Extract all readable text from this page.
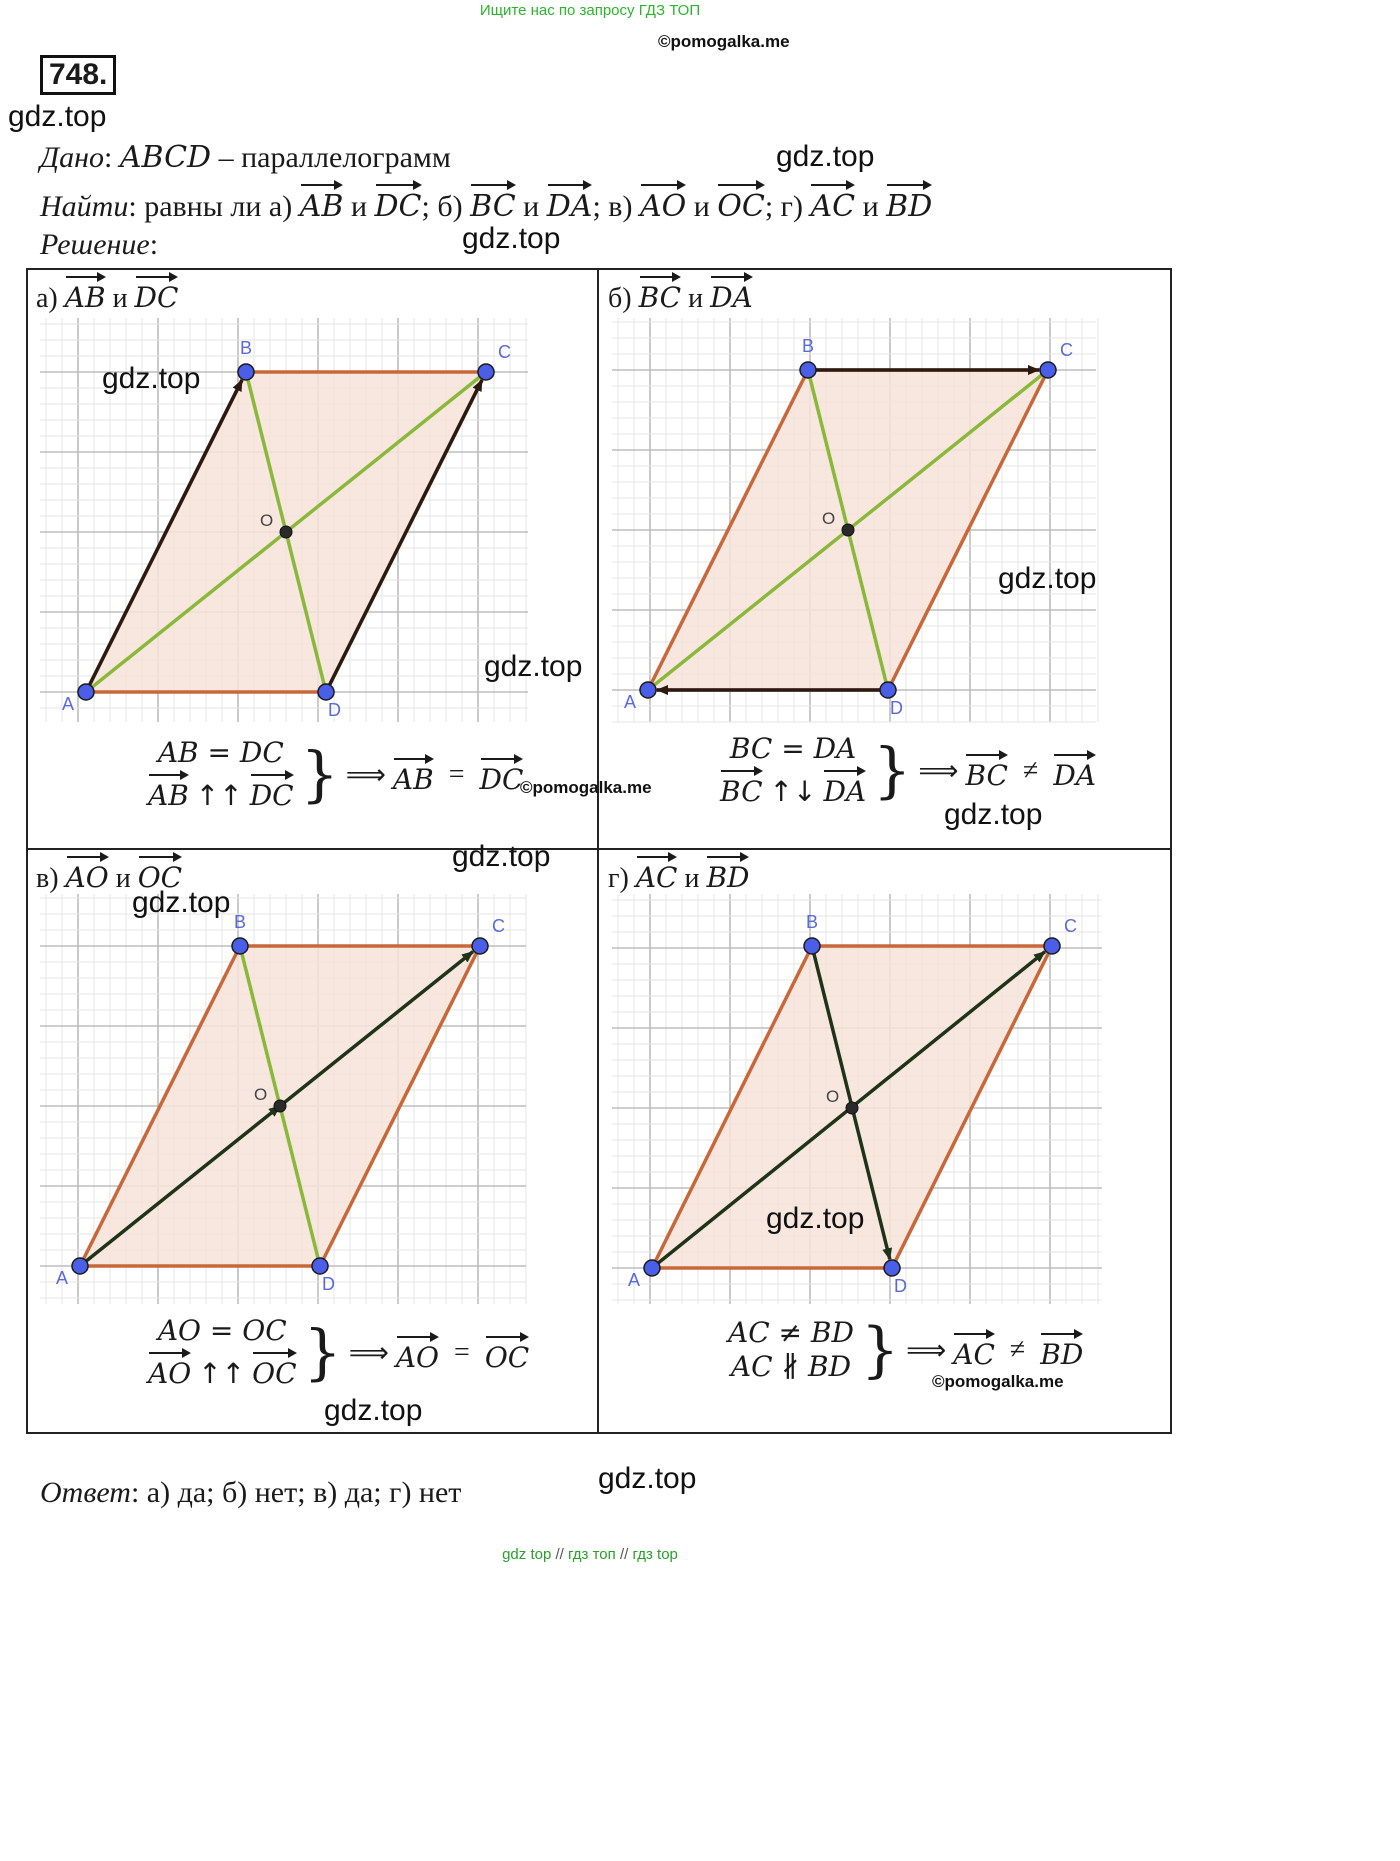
Ищите нас по запросу ГДЗ ТОП
©pomogalka.me
748.
gdz.top
gdz.top
gdz.top
Дано: ABCD – параллелограмм
Найти: равны ли а) AB и DC; б) BC и DA; в) AO и OC; г) AC и BD
Решение:
а) AB и DC	б) BC и DA
в) AO и OC	г) AC и BD
A
B	C
D
O
A
B	C
D
O
A
B	C
D
O
A
B	C
D
O
AB = DC
AB ↑↑ DC } ⟹ AB = DC
BC = DA
BC ↑↓ DA } ⟹ BC ≠ DA
AO = OC
AO ↑↑ OC } ⟹ AO = OC
AC ≠ BD
AC ∦ BD } ⟹ AC ≠ BD
gdz.top
gdz.top
gdz.top
gdz.top
gdz.top
gdz.top
gdz.top
gdz.top
gdz.top
©pomogalka.me
©pomogalka.me
Ответ: а) да; б) нет; в) да; г) нет
gdz top // гдз топ // гдз top
